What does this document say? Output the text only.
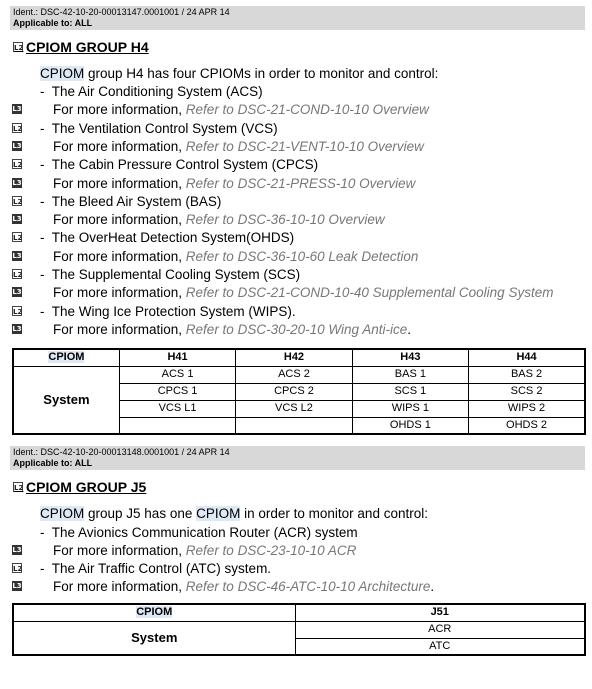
Ident.: DSC-42-10-20-00013147.0001001 / 24 APR 14
Applicable to: ALL
L2 CPIOM GROUP H4
CPIOM group H4 has four CPIOMs in order to monitor and control:
-  The Air Conditioning System (ACS)
L3 For more information, Refer to DSC-21-COND-10-10 Overview
L2 -  The Ventilation Control System (VCS)
L3 For more information, Refer to DSC-21-VENT-10-10 Overview
L2 -  The Cabin Pressure Control System (CPCS)
L3 For more information, Refer to DSC-21-PRESS-10 Overview
L2 -  The Bleed Air System (BAS)
L3 For more information, Refer to DSC-36-10-10 Overview
L2 -  The OverHeat Detection System(OHDS)
L3 For more information, Refer to DSC-36-10-60 Leak Detection
L2 -  The Supplemental Cooling System (SCS)
L3 For more information, Refer to DSC-21-COND-10-40 Supplemental Cooling System
L2 -  The Wing Ice Protection System (WIPS).
L3 For more information, Refer to DSC-30-20-10 Wing Anti-ice.
CPIOM	H41	H42	H43	H44
System	ACS 1	ACS 2	BAS 1	BAS 2
	CPCS 1	CPCS 2	SCS 1	SCS 2
	VCS L1	VCS L2	WIPS 1	WIPS 2
			OHDS 1	OHDS 2
Ident.: DSC-42-10-20-00013148.0001001 / 24 APR 14
Applicable to: ALL
L2 CPIOM GROUP J5
CPIOM group J5 has one CPIOM in order to monitor and control:
-  The Avionics Communication Router (ACR) system
L3 For more information, Refer to DSC-23-10-10 ACR
L2 -  The Air Traffic Control (ATC) system.
L3 For more information, Refer to DSC-46-ATC-10-10 Architecture.
CPIOM	J51
System	ACR
	ATC
